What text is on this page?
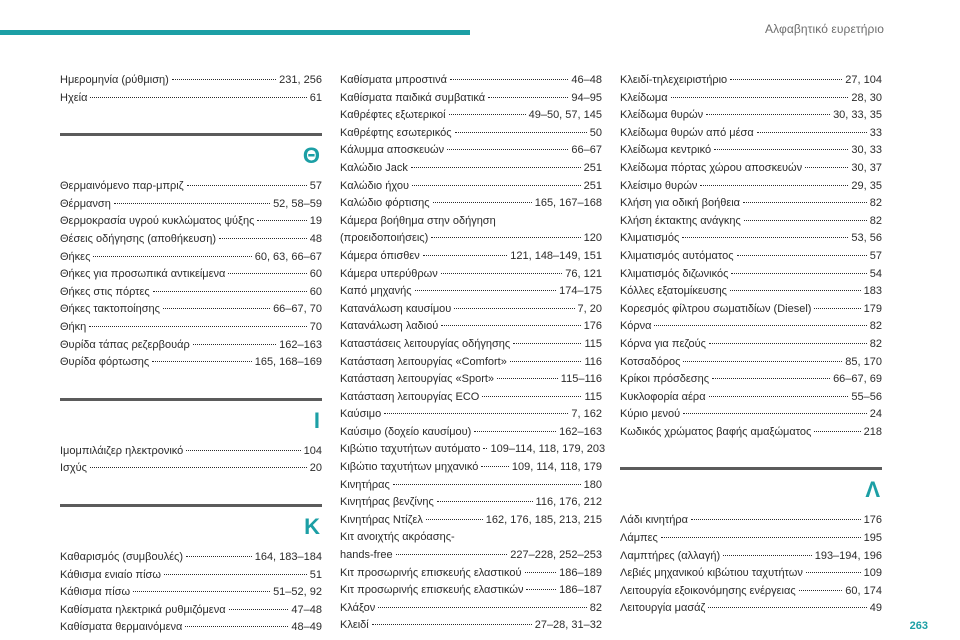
Αλφαβητικό ευρετήριο
Ημερομηνία (ρύθμιση)	231, 256
Ηχεία	61
Θ
Θερμαινόμενο παρ-μπριζ	57
Θέρμανση	52, 58–59
Θερμοκρασία υγρού κυκλώματος ψύξης	19
Θέσεις οδήγησης (αποθήκευση)	48
Θήκες	60, 63, 66–67
Θήκες για προσωπικά αντικείμενα	60
Θήκες στις πόρτες	60
Θήκες τακτοποίησης	66–67, 70
Θήκη	70
Θυρίδα τάπας ρεζερβουάρ	162–163
Θυρίδα φόρτωσης	165, 168–169
Ι
Ιμομπιλάιζερ ηλεκτρονικό	104
Ισχύς	20
Κ
Καθαρισμός (συμβουλές)	164, 183–184
Κάθισμα ενιαίο πίσω	51
Κάθισμα πίσω	51–52, 92
Καθίσματα ηλεκτρικά ρυθμιζόμενα	47–48
Καθίσματα θερμαινόμενα	48–49
Καθίσματα μπροστινά	46–48
Καθίσματα παιδικά συμβατικά	94–95
Καθρέφτες εξωτερικοί	49–50, 57, 145
Καθρέφτης εσωτερικός	50
Κάλυμμα αποσκευών	66–67
Καλώδιο Jack	251
Καλώδιο ήχου	251
Καλώδιο φόρτισης	165, 167–168
Κάμερα βοήθημα στην οδήγηση
(προειδοποιήσεις)	120
Κάμερα όπισθεν	121, 148–149, 151
Κάμερα υπερύθρων	76, 121
Καπό μηχανής	174–175
Κατανάλωση καυσίμου	7, 20
Κατανάλωση λαδιού	176
Καταστάσεις λειτουργίας οδήγησης	115
Κατάσταση λειτουργίας «Comfort»	116
Κατάσταση λειτουργίας «Sport»	115–116
Κατάσταση λειτουργίας ECO	115
Καύσιμο	7, 162
Καύσιμο (δοχείο καυσίμου)	162–163
Κιβώτιο ταχυτήτων αυτόματο 109–114, 118, 179, 203
Κιβώτιο ταχυτήτων μηχανικό	109, 114, 118, 179
Κινητήρας	180
Κινητήρας βενζίνης	116, 176, 212
Κινητήρας Ντίζελ	162, 176, 185, 213, 215
Κιτ ανοιχτής ακρόασης-
hands-free	227–228, 252–253
Κιτ προσωρινής επισκευής ελαστικού	186–189
Κιτ προσωρινής επισκευής ελαστικών	186–187
Κλάξον	82
Κλειδί	27–28, 31–32
Κλειδί-τηλεχειριστήριο	27, 104
Κλείδωμα	28, 30
Κλείδωμα θυρών	30, 33, 35
Κλείδωμα θυρών από μέσα	33
Κλείδωμα κεντρικό	30, 33
Κλείδωμα πόρτας χώρου αποσκευών	30, 37
Κλείσιμο θυρών	29, 35
Κλήση για οδική βοήθεια	82
Κλήση έκτακτης ανάγκης	82
Κλιματισμός	53, 56
Κλιματισμός αυτόματος	57
Κλιματισμός διζωνικός	54
Κόλλες εξατομίκευσης	183
Κορεσμός φίλτρου σωματιδίων (Diesel)	179
Κόρνα	82
Κόρνα για πεζούς	82
Κοτσαδόρος	85, 170
Κρίκοι πρόσδεσης	66–67, 69
Κυκλοφορία αέρα	55–56
Κύριο μενού	24
Κωδικός χρώματος βαφής αμαξώματος	218
Λ
Λάδι κινητήρα	176
Λάμπες	195
Λαμπτήρες (αλλαγή)	193–194, 196
Λεβιές μηχανικού κιβώτιου ταχυτήτων	109
Λειτουργία εξοικονόμησης ενέργειας	60, 174
Λειτουργία μασάζ	49
263
